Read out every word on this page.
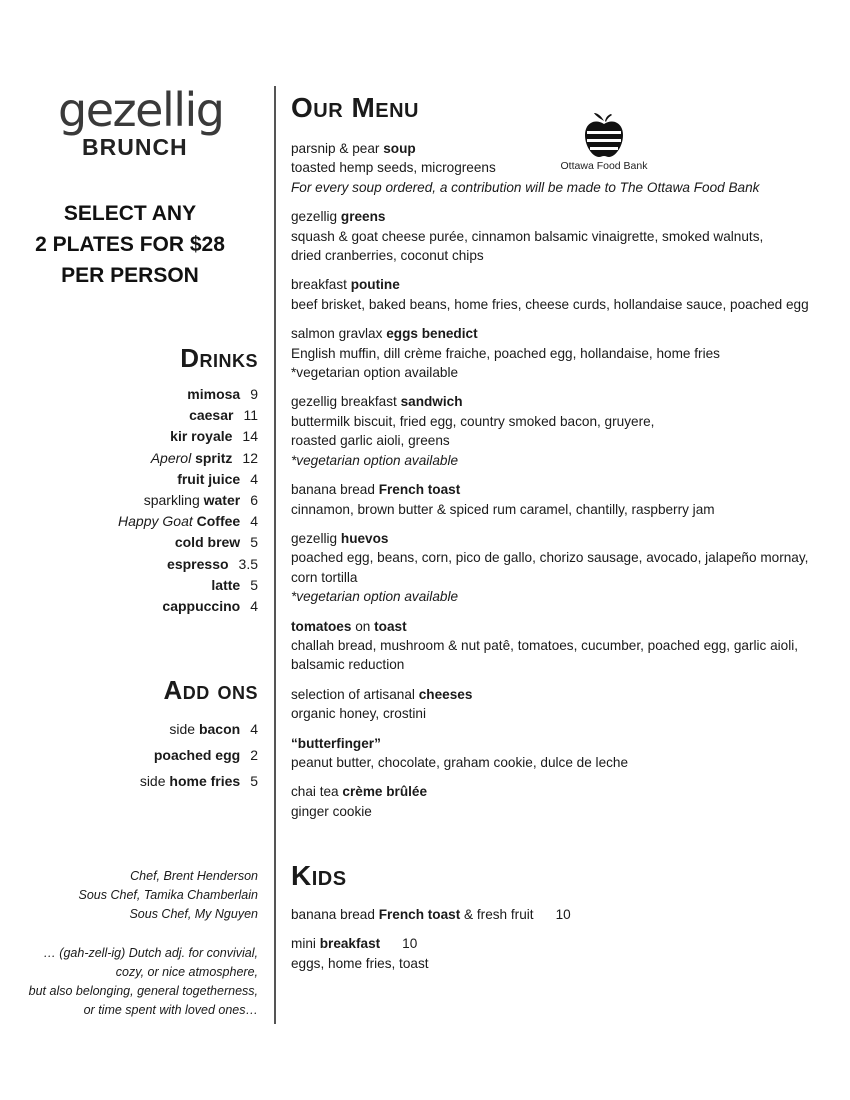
gezellig
BRUNCH
SELECT ANY
2 PLATES FOR $28
PER PERSON
Drinks
mimosa 9
caesar 11
kir royale 14
Aperol spritz 12
fruit juice 4
sparkling water 6
Happy Goat Coffee 4
cold brew 5
espresso 3.5
latte 5
cappuccino 4
Add ons
side bacon 4
poached egg 2
side home fries 5
Chef, Brent Henderson
Sous Chef, Tamika Chamberlain
Sous Chef, My Nguyen
… (gah-zell-ig) Dutch adj. for convivial,
cozy, or nice atmosphere,
but also belonging, general togetherness,
or time spent with loved ones…
Our Menu
Ottawa Food Bank
parsnip & pear soup
toasted hemp seeds, microgreens
For every soup ordered, a contribution will be made to The Ottawa Food Bank
gezellig greens
squash & goat cheese purée, cinnamon balsamic vinaigrette, smoked walnuts,
dried cranberries, coconut chips
breakfast poutine
beef brisket, baked beans, home fries, cheese curds, hollandaise sauce, poached egg
salmon gravlax eggs benedict
English muffin, dill crème fraiche, poached egg, hollandaise, home fries
*vegetarian option available
gezellig breakfast sandwich
buttermilk biscuit, fried egg, country smoked bacon, gruyere,
roasted garlic aioli, greens
*vegetarian option available
banana bread French toast
cinnamon, brown butter & spiced rum caramel, chantilly, raspberry jam
gezellig huevos
poached egg, beans, corn, pico de gallo, chorizo sausage, avocado, jalapeño mornay,
corn tortilla
*vegetarian option available
tomatoes on toast
challah bread, mushroom & nut patê, tomatoes, cucumber, poached egg, garlic aioli,
balsamic reduction
selection of artisanal cheeses
organic honey, crostini
“butterfinger”
peanut butter, chocolate, graham cookie, dulce de leche
chai tea crème brûlée
ginger cookie
Kids
banana bread French toast & fresh fruit 10
mini breakfast 10
eggs, home fries, toast
